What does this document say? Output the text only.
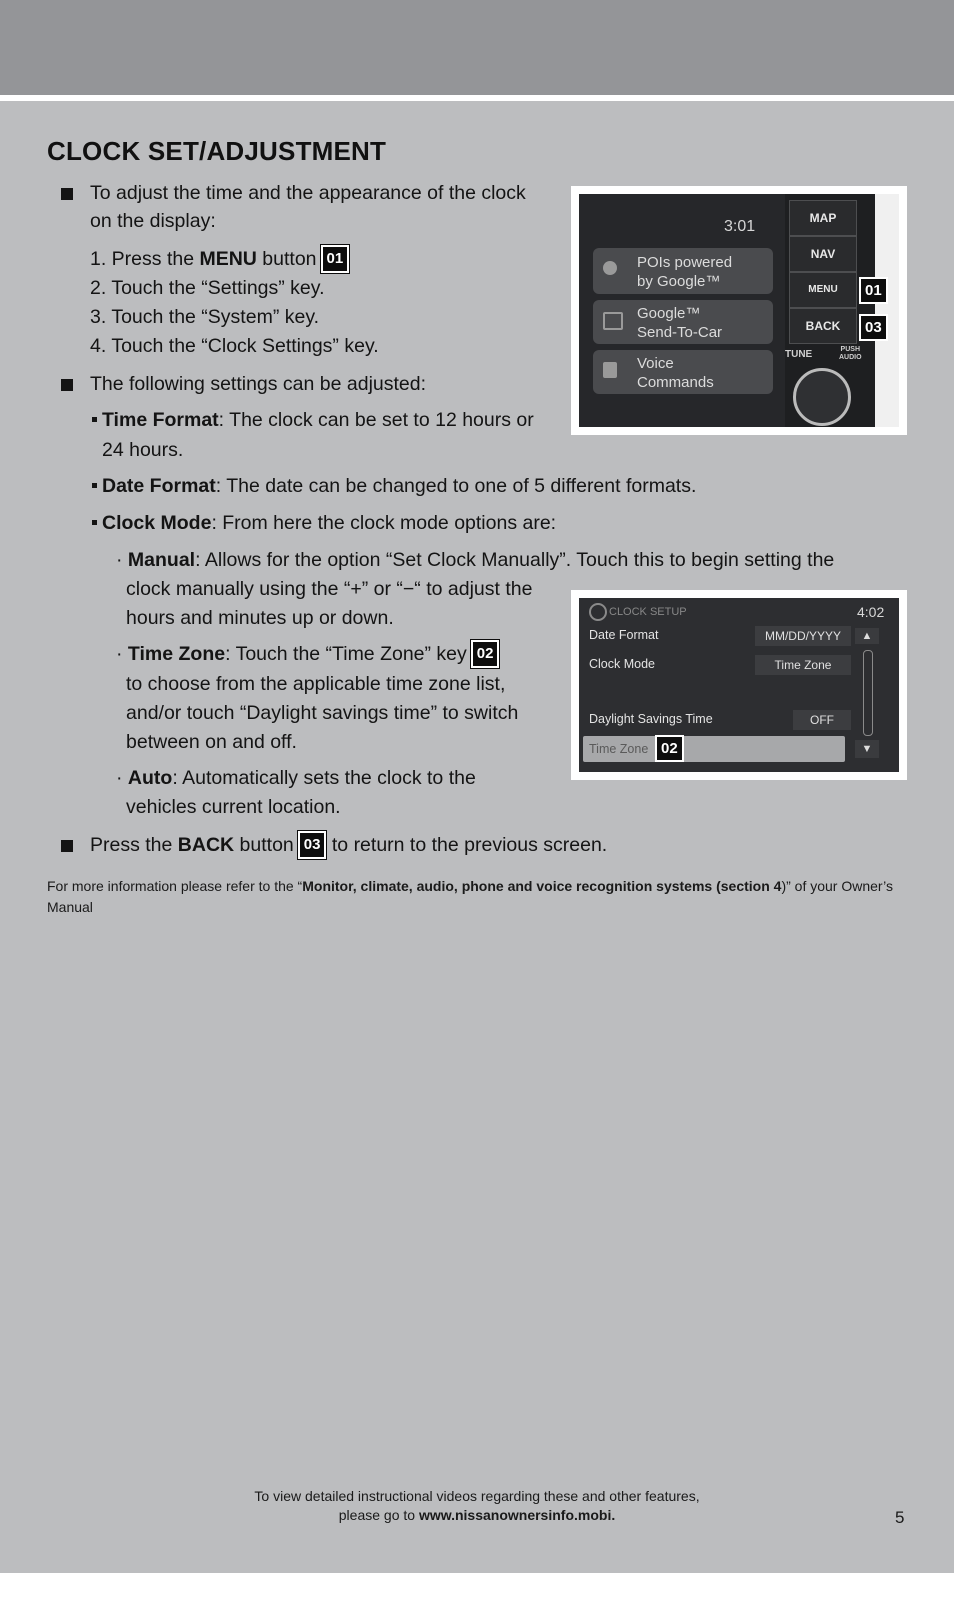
CLOCK SET/ADJUSTMENT
To adjust the time and the appearance of the clock
on the display:
1. Press the MENU button 01
2. Touch the “Settings” key.
3. Touch the “System” key.
4. Touch the “Clock Settings” key.
The following settings can be adjusted:
Time Format: The clock can be set to 12 hours or
24 hours.
Date Format: The date can be changed to one of 5 different formats.
Clock Mode: From here the clock mode options are:
· Manual: Allows for the option “Set Clock Manually”. Touch this to begin setting the
clock manually using the “+” or “−“ to adjust the
hours and minutes up or down.
· Time Zone: Touch the “Time Zone” key 02
to choose from the applicable time zone list,
and/or touch “Daylight savings time” to switch
between on and off.
· Auto: Automatically sets the clock to the
vehicles current location.
Press the BACK button 03 to return to the previous screen.
For more information please refer to the “Monitor, climate, audio, phone and voice recognition systems (section 4)” of your Owner’s Manual
3:01
POIs powered
by Google™
Google™
Send-To-Car
Voice
Commands
MAP
NAV
MENU
BACK
TUNE	PUSH
AUDIO
01
03
CLOCK SETUP	4:02
Date Format	MM/DD/YYYY
Clock Mode	Time Zone
Daylight Savings Time	OFF
Time Zone 02
▲
▼
To view detailed instructional videos regarding these and other features,
please go to www.nissanownersinfo.mobi.	5
